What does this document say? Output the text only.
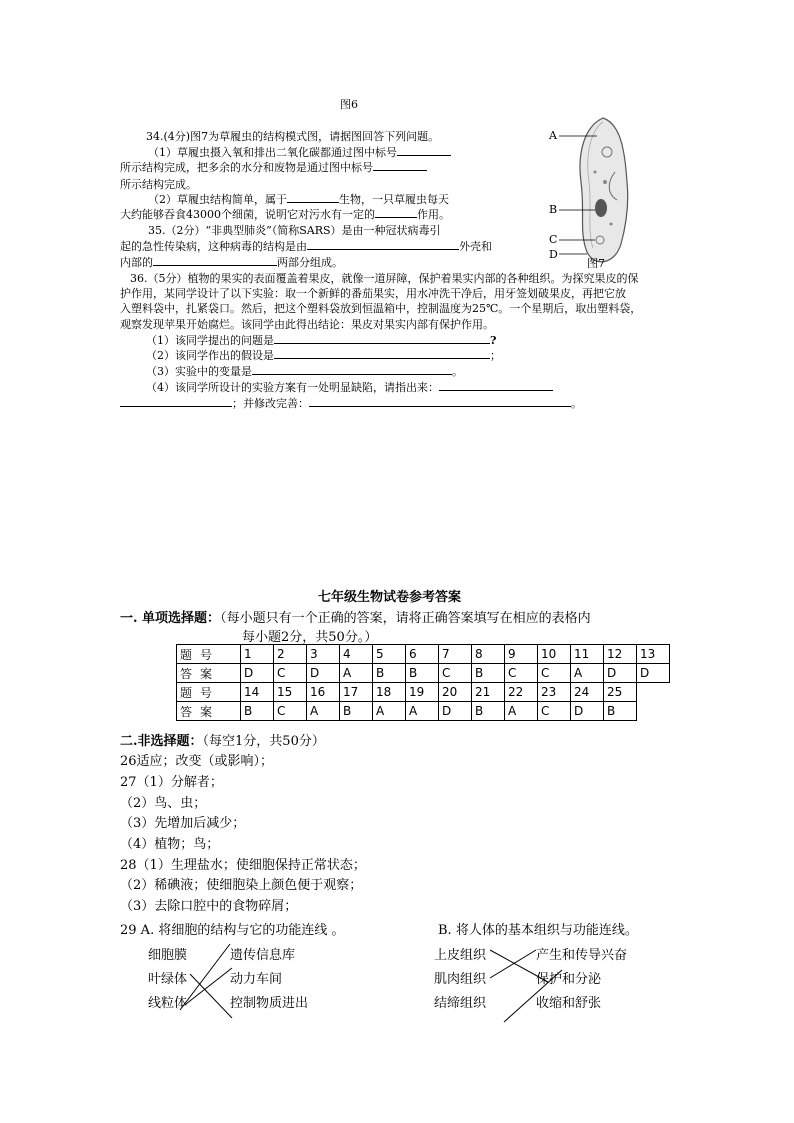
图6
34.(4分)图7为草履虫的结构模式图，请据图回答下列问题。
（1）草履虫摄入氧和排出二氧化碳都通过图中标号
所示结构完成，把多余的水分和废物是通过图中标号
所示结构完成。
（2）草履虫结构简单，属于	生物，一只草履虫每天
大约能够吞食43000个细菌，说明它对污水有一定的	作用。
35.（2分）“非典型肺炎”（简称SARS）是由一种冠状病毒引
起的急性传染病，这种病毒的结构是由	外壳和
内部的	两部分组成。
36.（5分）植物的果实的表面覆盖着果皮，就像一道屏障，保护着果实内部的各种组织。为探究果皮的保
护作用，某同学设计了以下实验：取一个新鲜的番茄果实，用水冲洗干净后，用牙签划破果皮，再把它放
入塑料袋中，扎紧袋口。然后，把这个塑料袋放到恒温箱中，控制温度为25℃。一个星期后，取出塑料袋，
观察发现苹果开始腐烂。该同学由此得出结论：果皮对果实内部有保护作用。
（1）该同学提出的问题是	?
（2）该同学作出的假设是	；
（3）实验中的变量是	。
（4）该同学所设计的实验方案有一处明显缺陷，请指出来：
；并修改完善：	。
A
B
C
D
图7
七年级生物试卷参考答案
一. 单项选择题：（每小题只有一个正确的答案，请将正确答案填写在相应的表格内
每小题2分，共50分。）
题号	1	2	3	4	5	6	7	8	9	10	11	12	13
答案	D	C	D	A	B	B	C	B	C	C	A	D	D
题号	14	15	16	17	18	19	20	21	22	23	24	25	
答案	B	C	A	B	A	A	D	B	A	C	D	B	
二.非选择题：（每空1分，共50分）
26适应；改变（或影响）；
27（1）分解者；
（2）鸟、虫；
（3）先增加后减少；
（4）植物；鸟；
28（1）生理盐水；使细胞保持正常状态；
（2）稀碘液；使细胞染上颜色便于观察；
（3）去除口腔中的食物碎屑；
29 A. 将细胞的结构与它的功能连线 。	B. 将人体的基本组织与功能连线。
细胞膜
叶绿体
线粒体
遗传信息库
动力车间
控制物质进出
上皮组织
肌肉组织
结缔组织
产生和传导兴奋
保护和分泌
收缩和舒张
